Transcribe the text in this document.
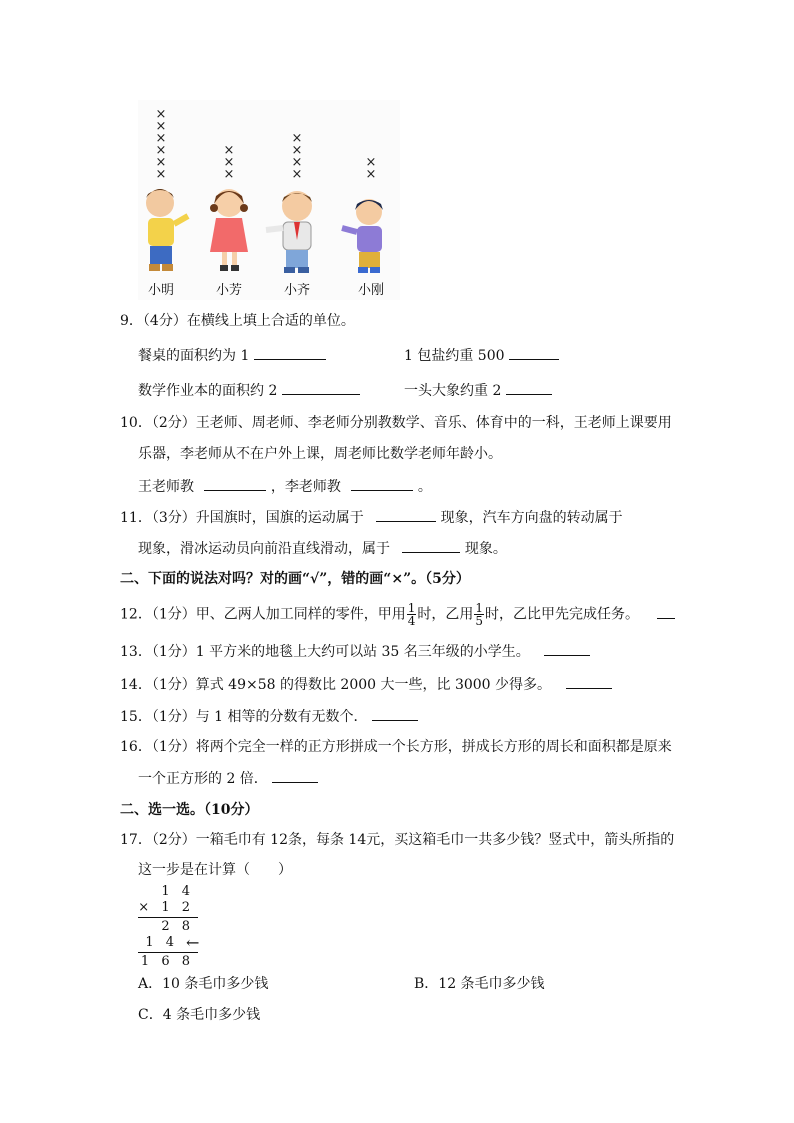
× × × × × ×
× × ×
× × × ×
× ×
小明	小芳	小齐	小刚
9．（4分）在横线上填上合适的单位。
餐桌的面积约为 1	1 包盐约重 500
数学作业本的面积约 2	一头大象约重 2
10．（2分）王老师、周老师、李老师分别教数学、音乐、体育中的一科，王老师上课要用
乐器，李老师从不在户外上课，周老师比数学老师年龄小。
王老师教	，李老师教	。
11．（3分）升国旗时，国旗的运动属于	现象，汽车方向盘的转动属于
现象，滑冰运动员向前沿直线滑动，属于	现象。
二、下面的说法对吗？对的画“√”，错的画“×”。（5分）
12．（1分）甲、乙两人加工同样的零件，甲用 $\frac{1}{4}$ 时，乙用 $\frac{1}{5}$ 时，乙比甲先完成任务。
13．（1分）1 平方米的地毯上大约可以站 35 名三年级的小学生。
14．（1分）算式 49×58 的得数比 2000 大一些，比 3000 少得多。
15．（1分）与 1 相等的分数有无数个．
16．（1分）将两个完全一样的正方形拼成一个长方形，拼成长方形的周长和面积都是原来
一个正方形的 2 倍．
二、选一选。（10分）
17．（2分）一箱毛巾有 12条，每条 14元，买这箱毛巾一共多少钱？竖式中，箭头所指的
这一步是在计算（　　）
1 4
× 1 2
2 8
1 4 ←
1 6 8
A．10 条毛巾多少钱	B．12 条毛巾多少钱
C．4 条毛巾多少钱
